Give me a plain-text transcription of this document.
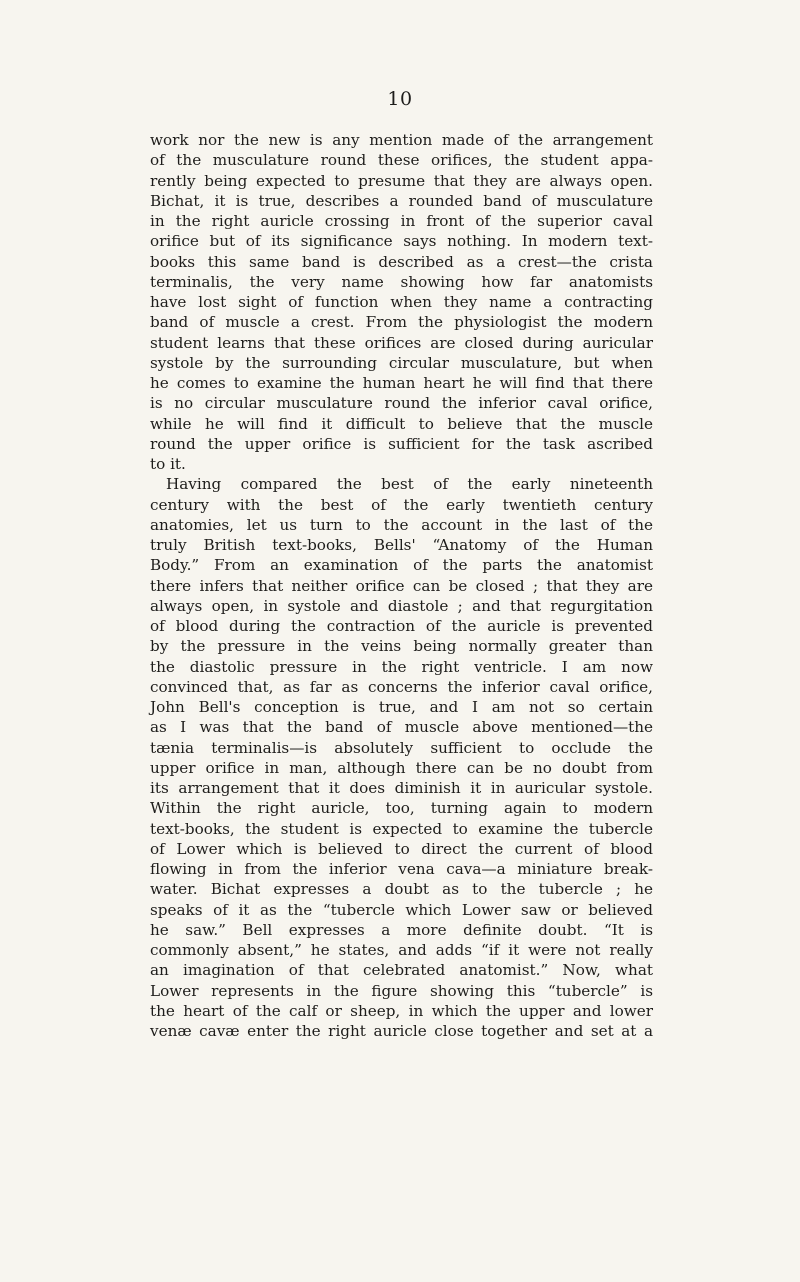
10
work nor the new is any mention made of the arrangement
of the musculature round these orifices, the student appa-
rently being expected to presume that they are always open.
Bichat, it is true, describes a rounded band of musculature
in the right auricle crossing in front of the superior caval
orifice but of its significance says nothing. In modern text-
books this same band is described as a crest—the crista
terminalis, the very name showing how far anatomists
have lost sight of function when they name a contracting
band of muscle a crest. From the physiologist the modern
student learns that these orifices are closed during auricular
systole by the surrounding circular musculature, but when
he comes to examine the human heart he will find that there
is no circular musculature round the inferior caval orifice,
while he will find it difficult to believe that the muscle
round the upper orifice is sufficient for the task ascribed
to it.
Having compared the best of the early nineteenth
century with the best of the early twentieth century
anatomies, let us turn to the account in the last of the
truly British text-books, Bells' “Anatomy of the Human
Body.” From an examination of the parts the anatomist
there infers that neither orifice can be closed ; that they are
always open, in systole and diastole ; and that regurgitation
of blood during the contraction of the auricle is prevented
by the pressure in the veins being normally greater than
the diastolic pressure in the right ventricle. I am now
convinced that, as far as concerns the inferior caval orifice,
John Bell's conception is true, and I am not so certain
as I was that the band of muscle above mentioned—the
tænia terminalis—is absolutely sufficient to occlude the
upper orifice in man, although there can be no doubt from
its arrangement that it does diminish it in auricular systole.
Within the right auricle, too, turning again to modern
text-books, the student is expected to examine the tubercle
of Lower which is believed to direct the current of blood
flowing in from the inferior vena cava—a miniature break-
water. Bichat expresses a doubt as to the tubercle ; he
speaks of it as the “tubercle which Lower saw or believed
he saw.” Bell expresses a more definite doubt. “It is
commonly absent,” he states, and adds “if it were not really
an imagination of that celebrated anatomist.” Now, what
Lower represents in the figure showing this “tubercle” is
the heart of the calf or sheep, in which the upper and lower
venæ cavæ enter the right auricle close together and set at a
